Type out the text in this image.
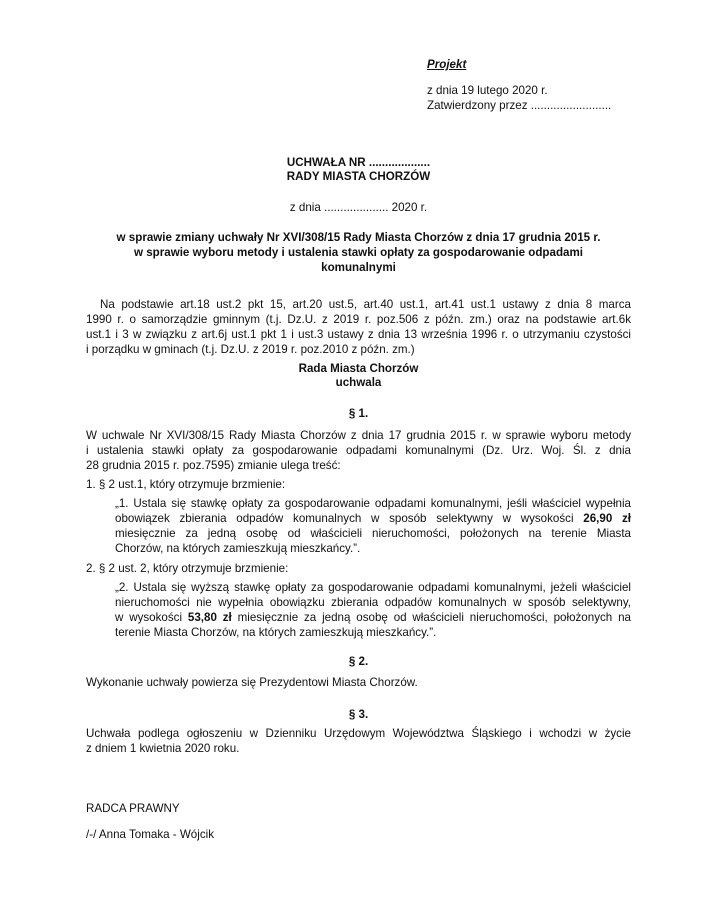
Projekt
z dnia 19 lutego 2020 r.
Zatwierdzony przez .........................
UCHWAŁA NR ...................
RADY MIASTA CHORZÓW
z dnia .................... 2020 r.
w sprawie zmiany uchwały Nr XVI/308/15 Rady Miasta Chorzów z dnia 17 grudnia 2015 r.
w sprawie wyboru metody i ustalenia stawki opłaty za gospodarowanie odpadami
komunalnymi
Na podstawie art.18 ust.2 pkt 15, art.20 ust.5, art.40 ust.1, art.41 ust.1 ustawy z dnia 8 marca
1990 r. o samorządzie gminnym (t.j. Dz.U. z 2019 r. poz.506 z późn. zm.) oraz na podstawie art.6k
ust.1 i 3 w związku z art.6j ust.1 pkt 1 i ust.3 ustawy z dnia 13 września 1996 r. o utrzymaniu czystości
i porządku w gminach (t.j. Dz.U. z 2019 r. poz.2010 z późn. zm.)
Rada Miasta Chorzów
uchwala
§ 1.
W uchwale Nr XVI/308/15 Rady Miasta Chorzów z dnia 17 grudnia 2015 r. w sprawie wyboru metody
i ustalenia stawki opłaty za gospodarowanie odpadami komunalnymi (Dz. Urz. Woj. Śl. z dnia
28 grudnia 2015 r. poz.7595) zmianie ulega treść:
1. § 2 ust.1, który otrzymuje brzmienie:
„1. Ustala się stawkę opłaty za gospodarowanie odpadami komunalnymi, jeśli właściciel wypełnia
obowiązek zbierania odpadów komunalnych w sposób selektywny w wysokości 26,90 zł
miesięcznie za jedną osobę od właścicieli nieruchomości, położonych na terenie Miasta
Chorzów, na których zamieszkują mieszkańcy.”.
2. § 2 ust. 2, który otrzymuje brzmienie:
„2. Ustala się wyższą stawkę opłaty za gospodarowanie odpadami komunalnymi, jeżeli właściciel
nieruchomości nie wypełnia obowiązku zbierania odpadów komunalnych w sposób selektywny,
w wysokości 53,80 zł miesięcznie za jedną osobę od właścicieli nieruchomości, położonych na
terenie Miasta Chorzów, na których zamieszkują mieszkańcy.”.
§ 2.
Wykonanie uchwały powierza się Prezydentowi Miasta Chorzów.
§ 3.
Uchwała podlega ogłoszeniu w Dzienniku Urzędowym Województwa Śląskiego i wchodzi w życie
z dniem 1 kwietnia 2020 roku.
RADCA PRAWNY
/-/ Anna Tomaka - Wójcik
